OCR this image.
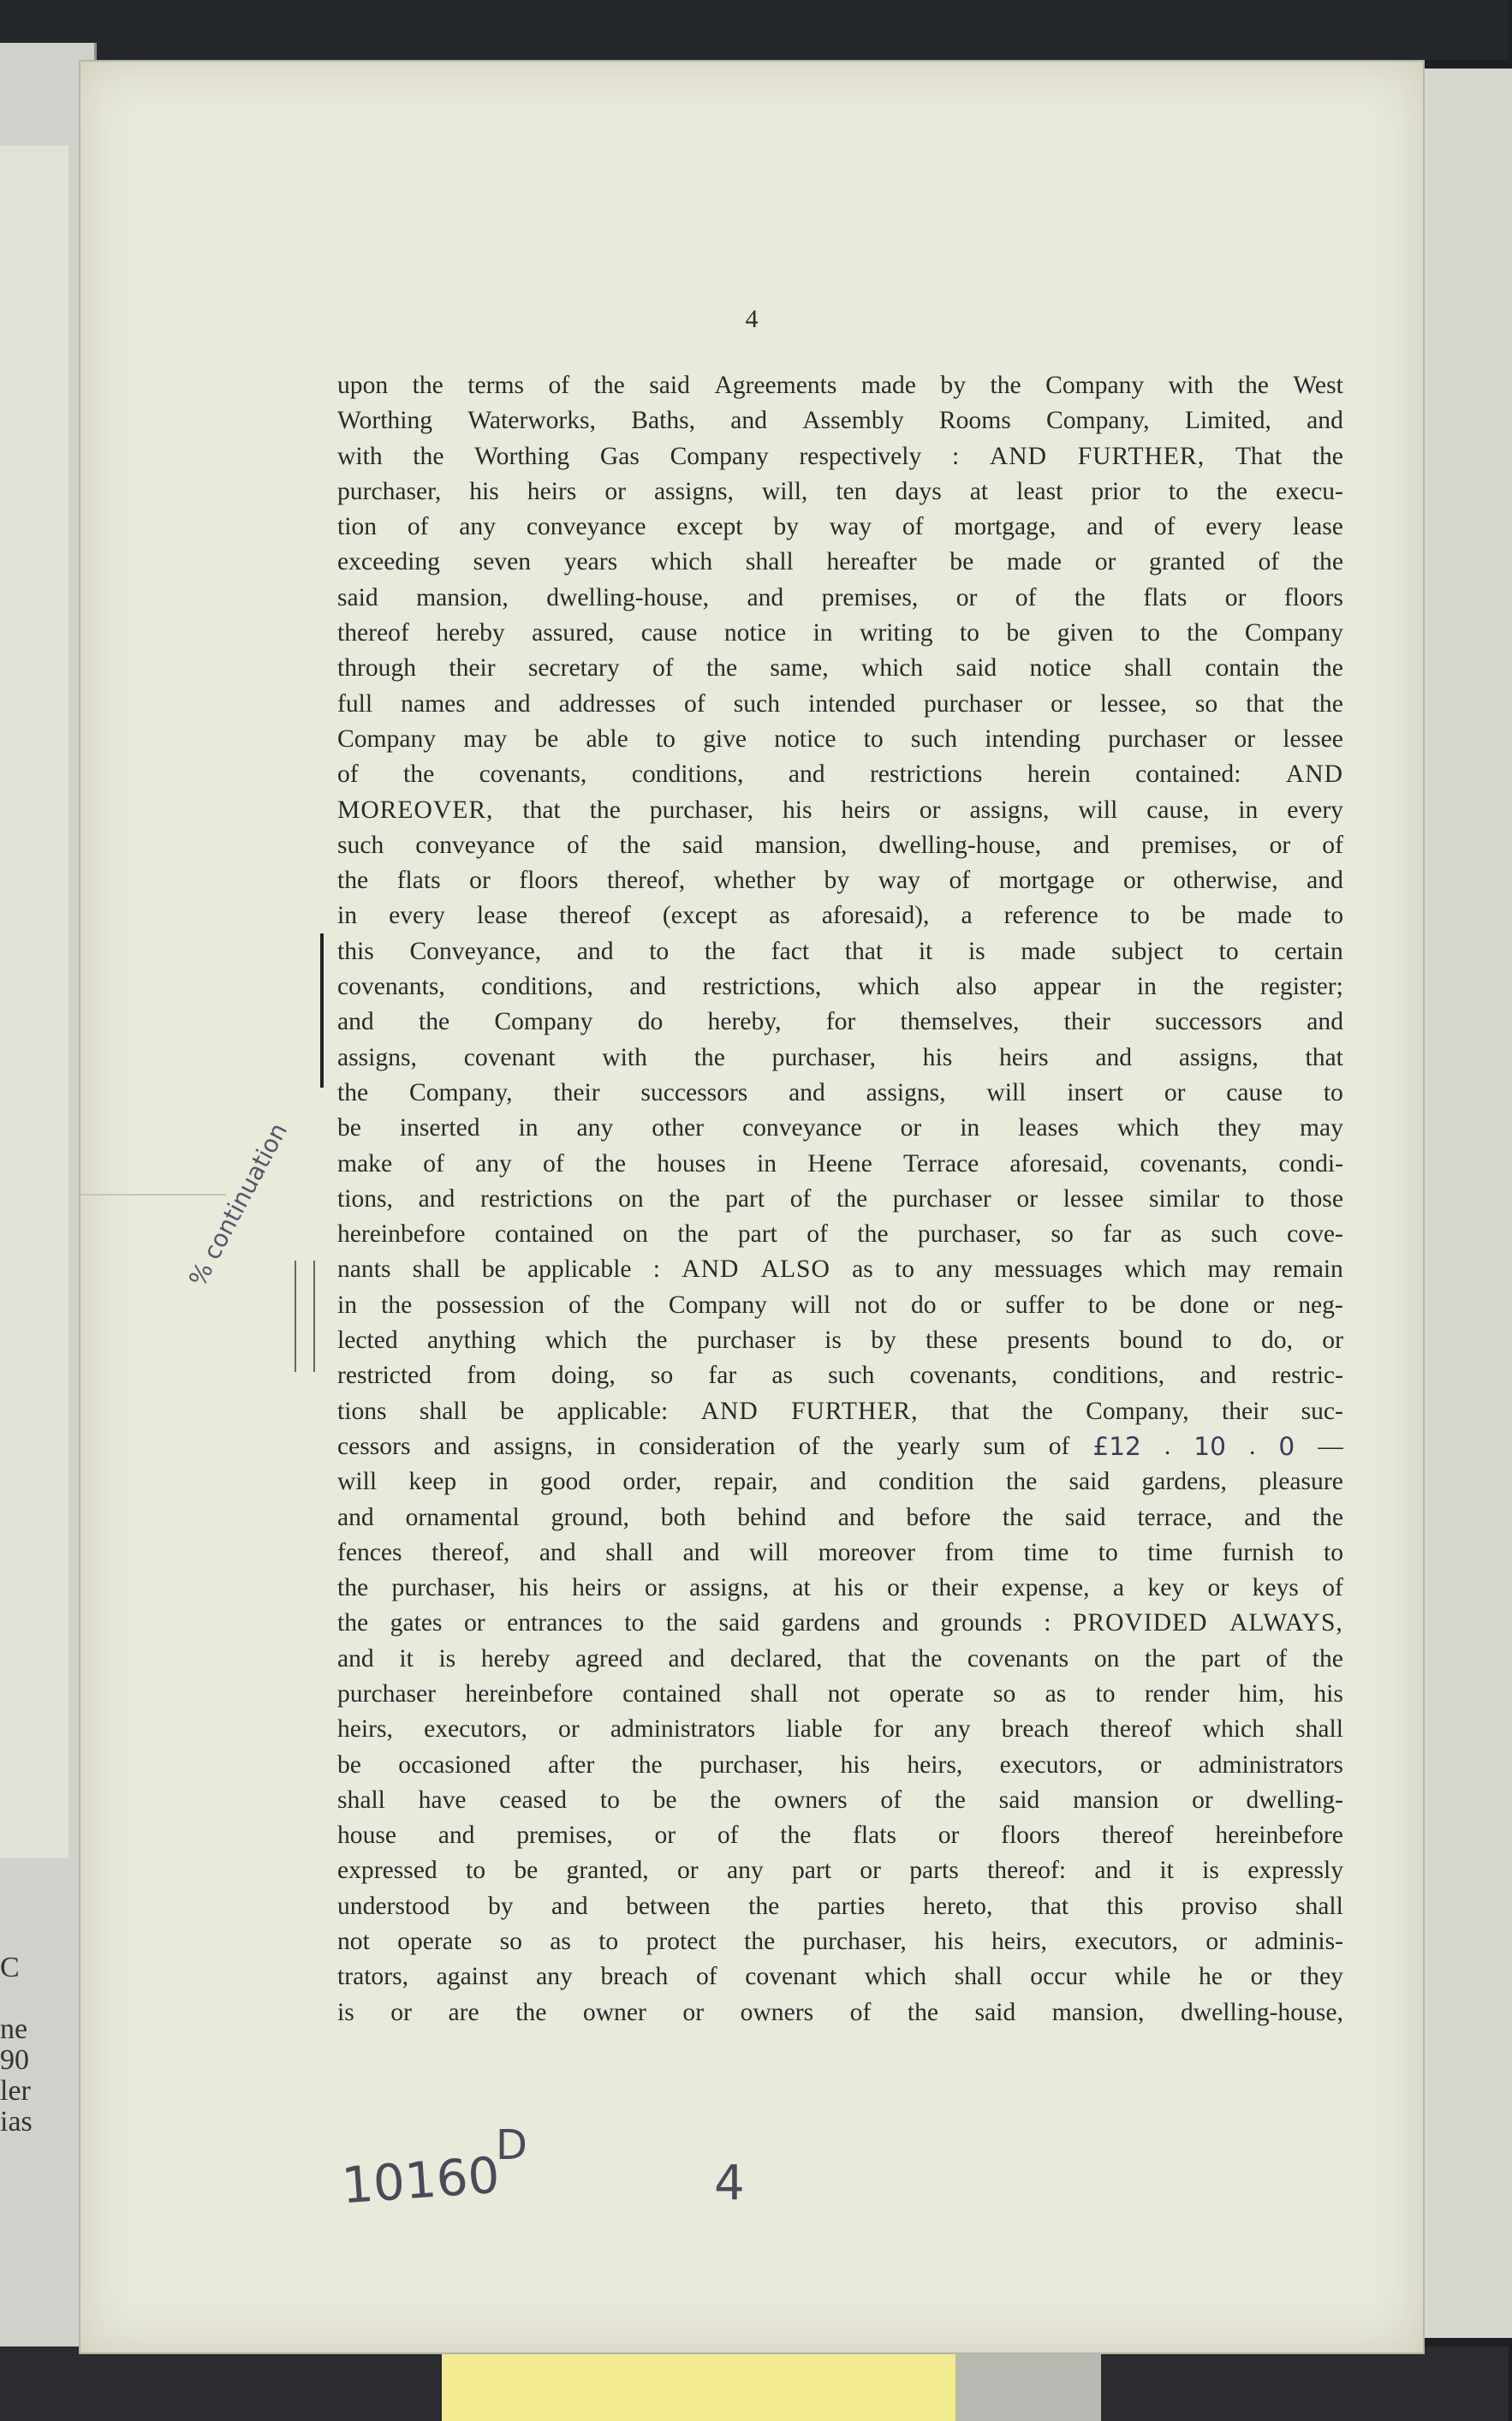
C

ne
90
ler
ias
4
% continuation
upon the terms of the said Agreements made by the Company with the West
Worthing Waterworks, Baths, and Assembly Rooms Company, Limited, and
with the Worthing Gas Company respectively : AND FURTHER, That the
purchaser, his heirs or assigns, will, ten days at least prior to the execu-
tion of any conveyance except by way of mortgage, and of every lease
exceeding seven years which shall hereafter be made or granted of the
said mansion, dwelling-house, and premises, or of the flats or floors
thereof hereby assured, cause notice in writing to be given to the Company
through their secretary of the same, which said notice shall contain the
full names and addresses of such intended purchaser or lessee, so that the
Company may be able to give notice to such intending purchaser or lessee
of the covenants, conditions, and restrictions herein contained: AND
MOREOVER, that the purchaser, his heirs or assigns, will cause, in every
such conveyance of the said mansion, dwelling-house, and premises, or of
the flats or floors thereof, whether by way of mortgage or otherwise, and
in every lease thereof (except as aforesaid), a reference to be made to
this Conveyance, and to the fact that it is made subject to certain
covenants, conditions, and restrictions, which also appear in the register;
and the Company do hereby, for themselves, their successors and
assigns, covenant with the purchaser, his heirs and assigns, that
the Company, their successors and assigns, will insert or cause to
be inserted in any other conveyance or in leases which they may
make of any of the houses in Heene Terrace aforesaid, covenants, condi-
tions, and restrictions on the part of the purchaser or lessee similar to those
hereinbefore contained on the part of the purchaser, so far as such cove-
nants shall be applicable : AND ALSO as to any messuages which may remain
in the possession of the Company will not do or suffer to be done or neg-
lected anything which the purchaser is by these presents bound to do, or
restricted from doing, so far as such covenants, conditions, and restric-
tions shall be applicable: AND FURTHER, that the Company, their suc-
cessors and assigns, in consideration of the yearly sum of £12 . 10 . 0 —
will keep in good order, repair, and condition the said gardens, pleasure
and ornamental ground, both behind and before the said terrace, and the
fences thereof, and shall and will moreover from time to time furnish to
the purchaser, his heirs or assigns, at his or their expense, a key or keys of
the gates or entrances to the said gardens and grounds : PROVIDED ALWAYS,
and it is hereby agreed and declared, that the covenants on the part of the
purchaser hereinbefore contained shall not operate so as to render him, his
heirs, executors, or administrators liable for any breach thereof which shall
be occasioned after the purchaser, his heirs, executors, or administrators
shall have ceased to be the owners of the said mansion or dwelling-
house and premises, or of the flats or floors thereof hereinbefore
expressed to be granted, or any part or parts thereof: and it is expressly
understood by and between the parties hereto, that this proviso shall
not operate so as to protect the purchaser, his heirs, executors, or adminis-
trators, against any breach of covenant which shall occur while he or they
is or are the owner or owners of the said mansion, dwelling-house,
10160
D
4
